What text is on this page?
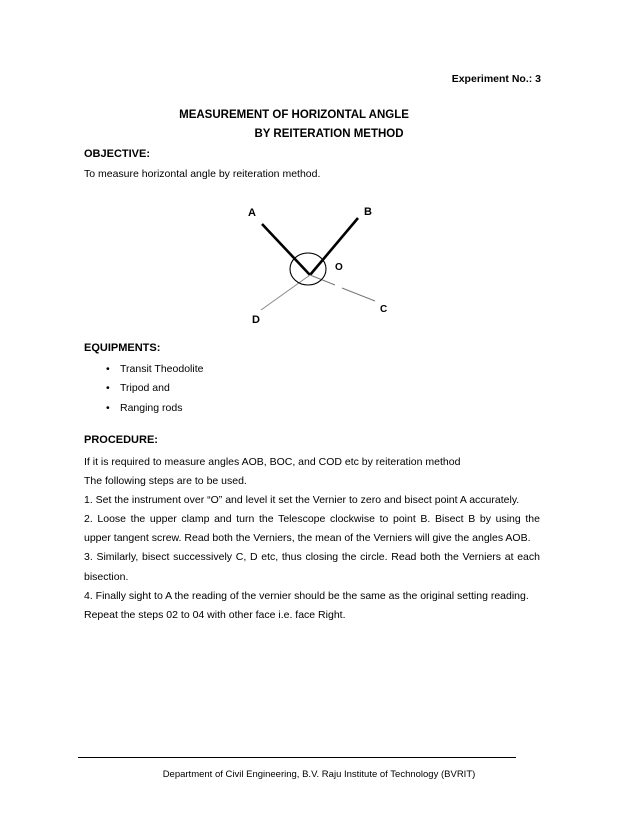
Experiment No.: 3
MEASUREMENT OF HORIZONTAL ANGLE
BY REITERATION METHOD
OBJECTIVE:
To measure horizontal angle by reiteration method.
A	B
O
C
D
EQUIPMENTS:
• Transit Theodolite
• Tripod and
• Ranging rods
PROCEDURE:

If it is required to measure angles AOB, BOC, and COD etc by reiteration method

The following steps are to be used.

1. Set the instrument over “O” and level it set the Vernier to zero and bisect point A accurately.

2. Loose the upper clamp and turn the Telescope clockwise to point B. Bisect B by using the upper tangent screw. Read both the Verniers, the mean of the Verniers will give the angles AOB.

3. Similarly, bisect successively C, D etc, thus closing the circle. Read both the Verniers at each bisection.

4. Finally sight to A the reading of the vernier should be the same as the original setting reading.

Repeat the steps 02 to 04 with other face i.e. face Right.

Department of Civil Engineering, B.V. Raju Institute of Technology (BVRIT)
